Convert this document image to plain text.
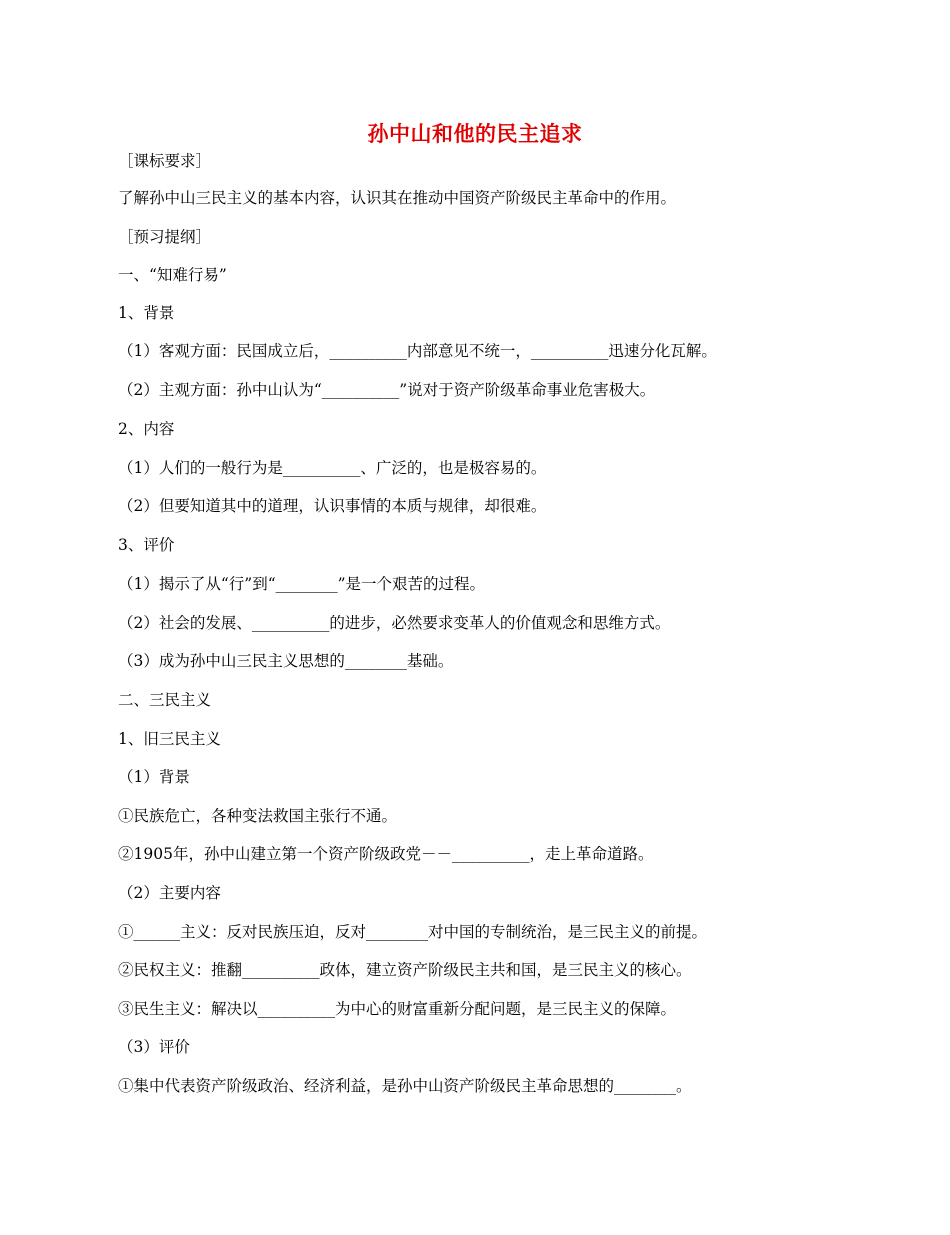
孙中山和他的民主追求
［课标要求］
了解孙中山三民主义的基本内容，认识其在推动中国资产阶级民主革命中的作用。
［预习提纲］
一、“知难行易”
1、背景
（1）客观方面：民国成立后，__________内部意见不统一，__________迅速分化瓦解。
（2）主观方面：孙中山认为“__________”说对于资产阶级革命事业危害极大。
2、内容
（1）人们的一般行为是__________、广泛的，也是极容易的。
（2）但要知道其中的道理，认识事情的本质与规律，却很难。
3、评价
（1）揭示了从“行”到“________”是一个艰苦的过程。
（2）社会的发展、__________的进步，必然要求变革人的价值观念和思维方式。
（3）成为孙中山三民主义思想的________基础。
二、三民主义
1、旧三民主义
（1）背景
①民族危亡，各种变法救国主张行不通。
②1905年，孙中山建立第一个资产阶级政党－－__________，走上革命道路。
（2）主要内容
①______主义：反对民族压迫，反对________对中国的专制统治，是三民主义的前提。
②民权主义：推翻__________政体，建立资产阶级民主共和国，是三民主义的核心。
③民生主义：解决以__________为中心的财富重新分配问题，是三民主义的保障。
（3）评价
①集中代表资产阶级政治、经济利益，是孙中山资产阶级民主革命思想的________。
